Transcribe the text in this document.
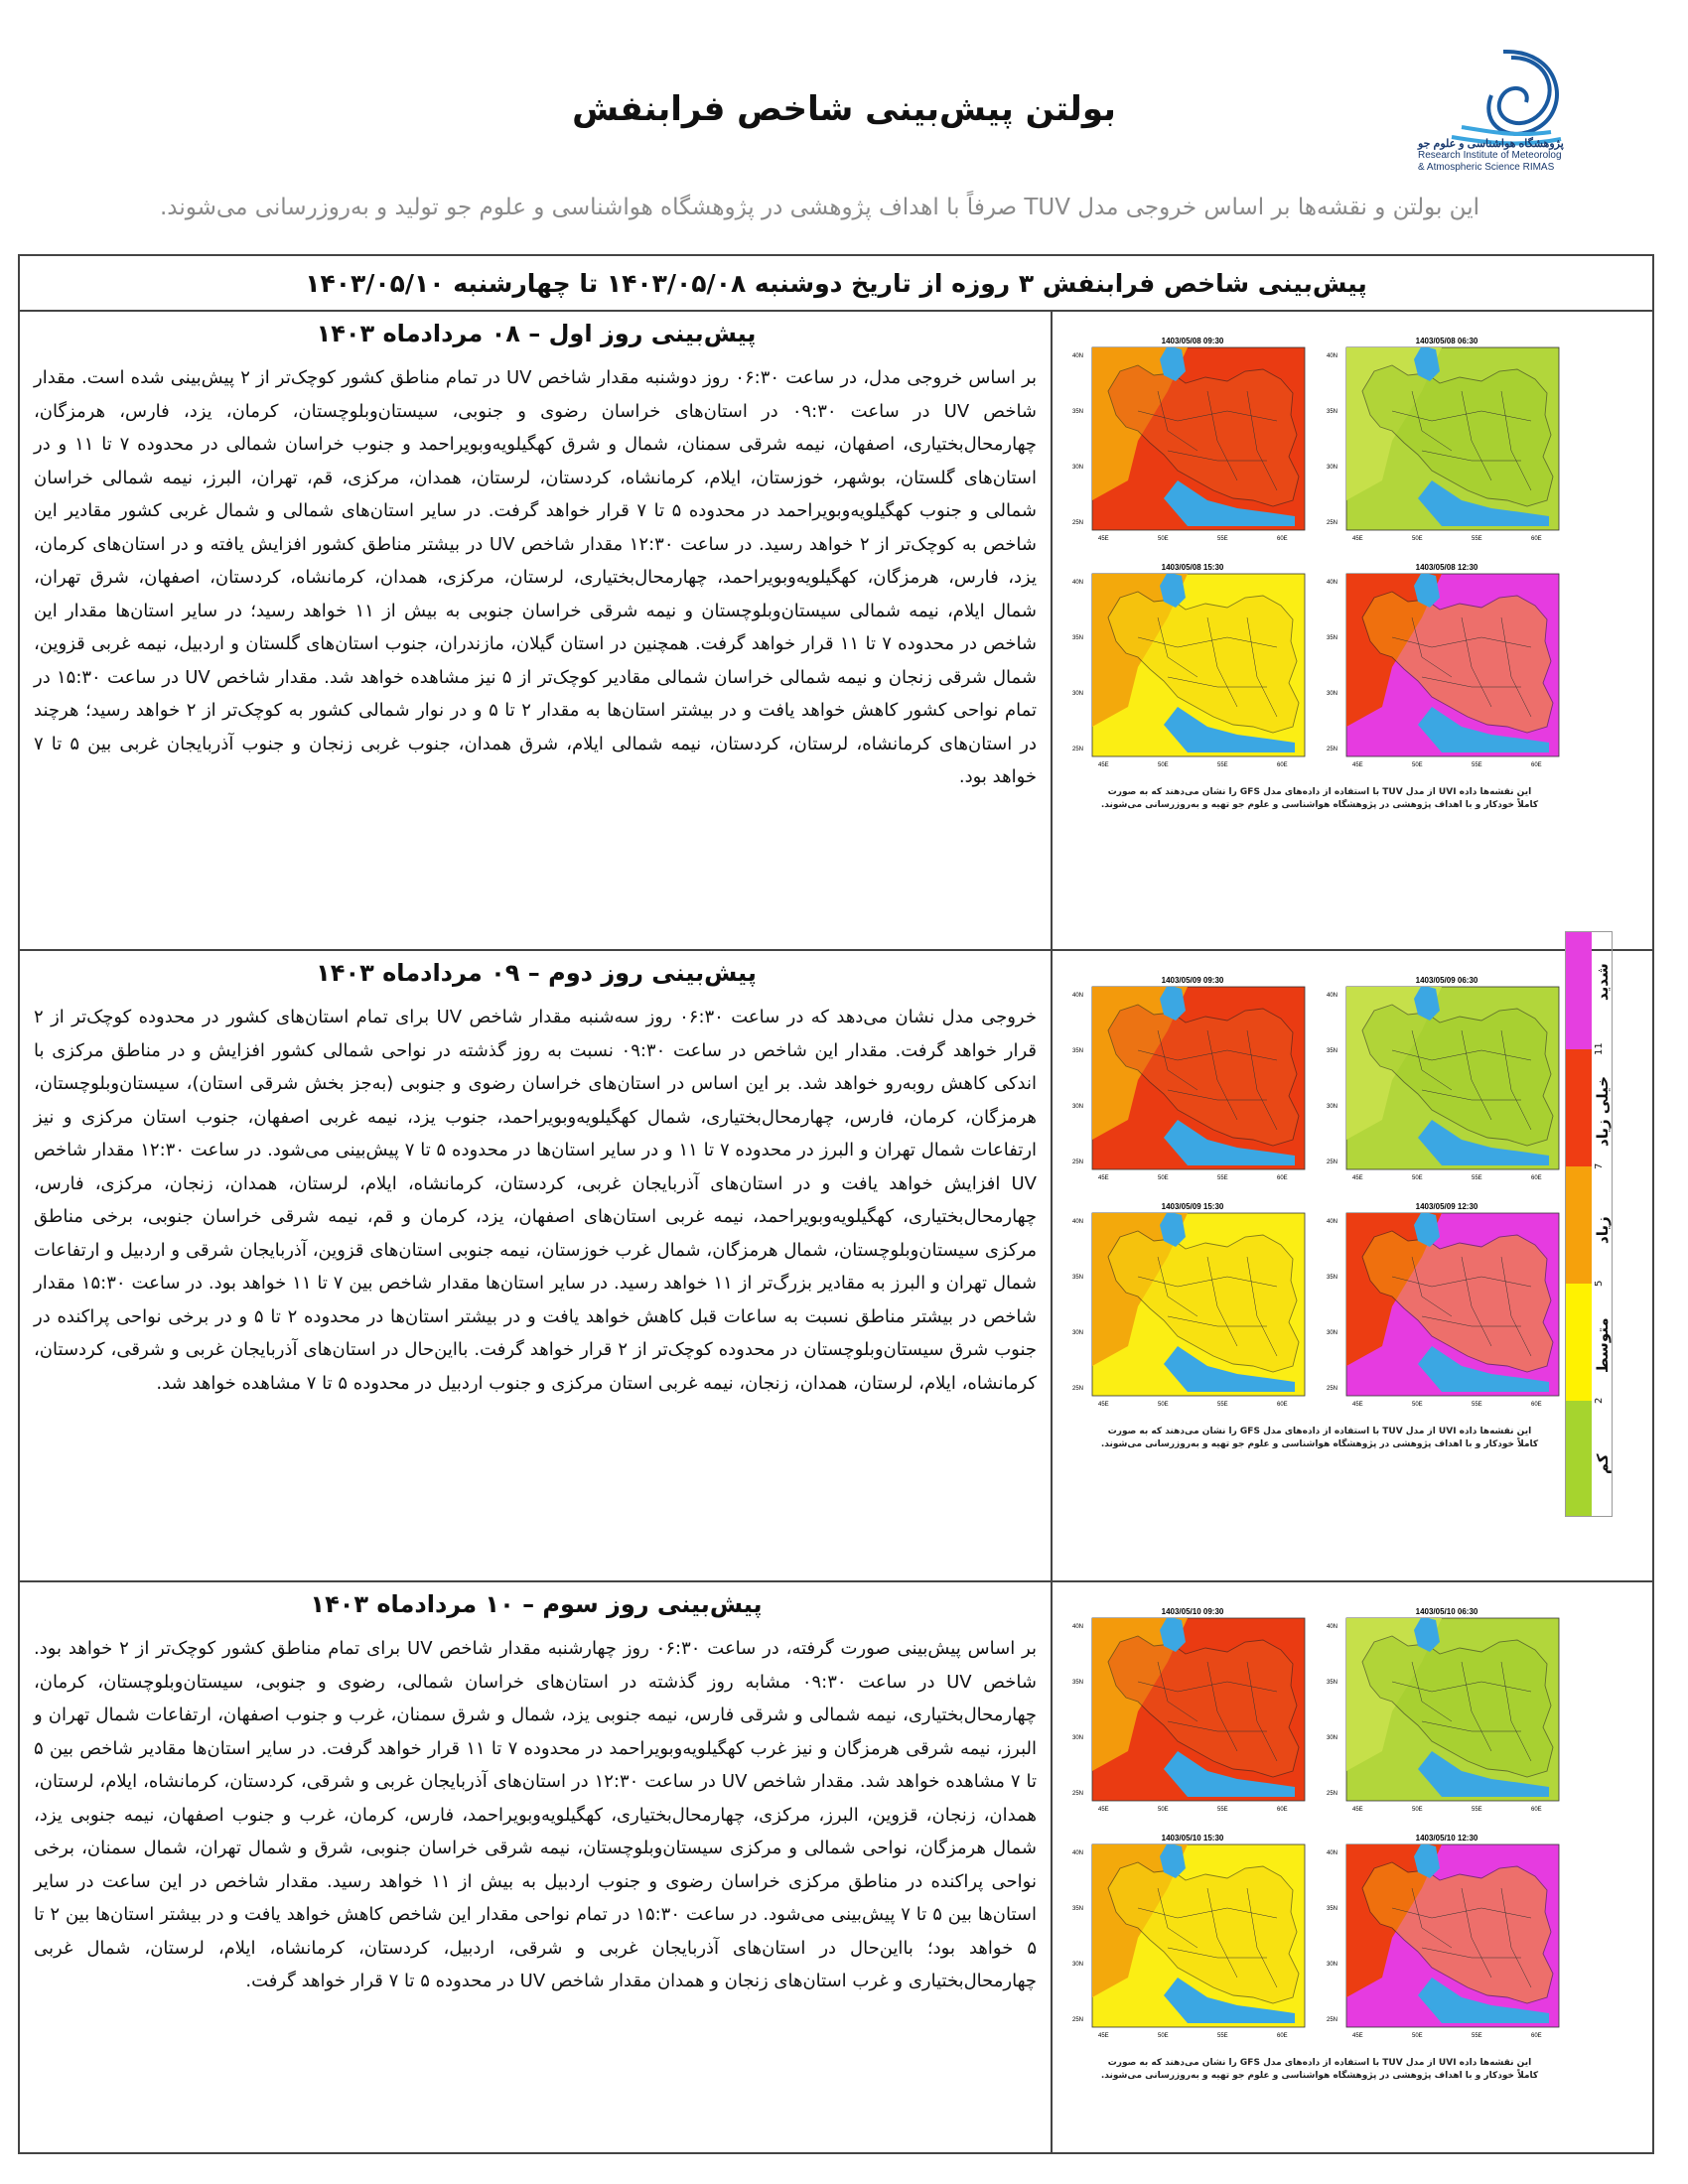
پژوهشگاه هواشناسی و علوم جو
Research Institute of Meteorolog
& Atmospheric Science RIMAS
بولتن پیش‌بینی شاخص فرابنفش
این بولتن و نقشه‌ها بر اساس خروجی مدل TUV صرفاً با اهداف پژوهشی در پژوهشگاه هواشناسی و علوم جو تولید و به‌روزرسانی می‌شوند.
پیش‌بینی شاخص فرابنفش ۳ روزه از تاریخ دوشنبه ۱۴۰۳/۰۵/۰۸ تا چهارشنبه ۱۴۰۳/۰۵/۱۰
پیش‌بینی روز اول – ۰۸ مردادماه ۱۴۰۳
بر اساس خروجی مدل، در ساعت ۰۶:۳۰ روز دوشنبه مقدار شاخص UV در تمام مناطق کشور کوچک‌تر از ۲ پیش‌بینی شده است. مقدار شاخص UV در ساعت ۰۹:۳۰ در استان‌های خراسان رضوی و جنوبی، سیستان‌وبلوچستان، کرمان، یزد، فارس، هرمزگان، چهارمحال‌بختیاری، اصفهان، نیمه شرقی سمنان، شمال و شرق کهگیلویه‌وبویراحمد و جنوب خراسان شمالی در محدوده ۷ تا ۱۱ و در استان‌های گلستان، بوشهر، خوزستان، ایلام، کرمانشاه، کردستان، لرستان، همدان، مرکزی، قم، تهران، البرز، نیمه شمالی خراسان شمالی و جنوب کهگیلویه‌وبویراحمد در محدوده ۵ تا ۷ قرار خواهد گرفت. در سایر استان‌های شمالی و شمال غربی کشور مقادیر این شاخص به کوچک‌تر از ۲ خواهد رسید. در ساعت ۱۲:۳۰ مقدار شاخص UV در بیشتر مناطق کشور افزایش یافته و در استان‌های کرمان، یزد، فارس، هرمزگان، کهگیلویه‌وبویراحمد، چهارمحال‌بختیاری، لرستان، مرکزی، همدان، کرمانشاه، کردستان، اصفهان، شرق تهران، شمال ایلام، نیمه شمالی سیستان‌وبلوچستان و نیمه شرقی خراسان جنوبی به بیش از ۱۱ خواهد رسید؛ در سایر استان‌ها مقدار این شاخص در محدوده ۷ تا ۱۱ قرار خواهد گرفت. همچنین در استان گیلان، مازندران، جنوب استان‌های گلستان و اردبیل، نیمه غربی قزوین، شمال شرقی زنجان و نیمه شمالی خراسان شمالی مقادیر کوچک‌تر از ۵ نیز مشاهده خواهد شد. مقدار شاخص UV در ساعت ۱۵:۳۰ در تمام نواحی کشور کاهش خواهد یافت و در بیشتر استان‌ها به مقدار ۲ تا ۵ و در نوار شمالی کشور به کوچک‌تر از ۲ خواهد رسید؛ هرچند در استان‌های کرمانشاه، لرستان، کردستان، نیمه شمالی ایلام، شرق همدان، جنوب غربی زنجان و جنوب آذربایجان غربی بین ۵ تا ۷ خواهد بود.
1403/05/08 06:30
40N
35N
30N
25N
45E	50E	55E	60E
1403/05/08 09:30
40N
35N
30N
25N
45E	50E	55E	60E
1403/05/08 12:30
40N
35N
30N
25N
45E	50E	55E	60E
1403/05/08 15:30
40N
35N
30N
25N
45E	50E	55E	60E
این نقشه‌ها داده UVI از مدل TUV با استفاده از داده‌های مدل GFS را نشان می‌دهند که به صورت
کاملاً خودکار و با اهداف پژوهشی در پژوهشگاه هواشناسی و علوم جو تهیه و به‌روزرسانی می‌شوند.
پیش‌بینی روز دوم – ۰۹ مردادماه ۱۴۰۳
خروجی مدل نشان می‌دهد که در ساعت ۰۶:۳۰ روز سه‌شنبه مقدار شاخص UV برای تمام استان‌های کشور در محدوده کوچک‌تر از ۲ قرار خواهد گرفت. مقدار این شاخص در ساعت ۰۹:۳۰ نسبت به روز گذشته در نواحی شمالی کشور افزایش و در مناطق مرکزی با اندکی کاهش روبه‌رو خواهد شد. بر این اساس در استان‌های خراسان رضوی و جنوبی (به‌جز بخش شرقی استان)، سیستان‌وبلوچستان، هرمزگان، کرمان، فارس، چهارمحال‌بختیاری، شمال کهگیلویه‌وبویراحمد، جنوب یزد، نیمه غربی اصفهان، جنوب استان مرکزی و نیز ارتفاعات شمال تهران و البرز در محدوده ۷ تا ۱۱ و در سایر استان‌ها در محدوده ۵ تا ۷ پیش‌بینی می‌شود. در ساعت ۱۲:۳۰ مقدار شاخص UV افزایش خواهد یافت و در استان‌های آذربایجان غربی، کردستان، کرمانشاه، ایلام، لرستان، همدان، زنجان، مرکزی، فارس، چهارمحال‌بختیاری، کهگیلویه‌وبویراحمد، نیمه غربی استان‌های اصفهان، یزد، کرمان و قم، نیمه شرقی خراسان جنوبی، برخی مناطق مرکزی سیستان‌وبلوچستان، شمال هرمزگان، شمال غرب خوزستان، نیمه جنوبی استان‌های قزوین، آذربایجان شرقی و اردبیل و ارتفاعات شمال تهران و البرز به مقادیر بزرگ‌تر از ۱۱ خواهد رسید. در سایر استان‌ها مقدار شاخص بین ۷ تا ۱۱ خواهد بود. در ساعت ۱۵:۳۰ مقدار شاخص در بیشتر مناطق نسبت به ساعات قبل کاهش خواهد یافت و در بیشتر استان‌ها در محدوده ۲ تا ۵ و در برخی نواحی پراکنده در جنوب شرق سیستان‌وبلوچستان در محدوده کوچک‌تر از ۲ قرار خواهد گرفت. بااین‌حال در استان‌های آذربایجان غربی و شرقی، کردستان، کرمانشاه، ایلام، لرستان، همدان، زنجان، نیمه غربی استان مرکزی و جنوب اردبیل در محدوده ۵ تا ۷ مشاهده خواهد شد.
1403/05/09 06:30
40N
35N
30N
25N
45E	50E	55E	60E
1403/05/09 09:30
40N
35N
30N
25N
45E	50E	55E	60E
1403/05/09 12:30
40N
35N
30N
25N
45E	50E	55E	60E
1403/05/09 15:30
40N
35N
30N
25N
45E	50E	55E	60E
این نقشه‌ها داده UVI از مدل TUV با استفاده از داده‌های مدل GFS را نشان می‌دهند که به صورت
کاملاً خودکار و با اهداف پژوهشی در پژوهشگاه هواشناسی و علوم جو تهیه و به‌روزرسانی می‌شوند.
پیش‌بینی روز سوم – ۱۰ مردادماه ۱۴۰۳
بر اساس پیش‌بینی صورت گرفته، در ساعت ۰۶:۳۰ روز چهارشنبه مقدار شاخص UV برای تمام مناطق کشور کوچک‌تر از ۲ خواهد بود. شاخص UV در ساعت ۰۹:۳۰ مشابه روز گذشته در استان‌های خراسان شمالی، رضوی و جنوبی، سیستان‌وبلوچستان، کرمان، چهارمحال‌بختیاری، نیمه شمالی و شرقی فارس، نیمه جنوبی یزد، شمال و شرق سمنان، غرب و جنوب اصفهان، ارتفاعات شمال تهران و البرز، نیمه شرقی هرمزگان و نیز غرب کهگیلویه‌وبویراحمد در محدوده ۷ تا ۱۱ قرار خواهد گرفت. در سایر استان‌ها مقادیر شاخص بین ۵ تا ۷ مشاهده خواهد شد. مقدار شاخص UV در ساعت ۱۲:۳۰ در استان‌های آذربایجان غربی و شرقی، کردستان، کرمانشاه، ایلام، لرستان، همدان، زنجان، قزوین، البرز، مرکزی، چهارمحال‌بختیاری، کهگیلویه‌وبویراحمد، فارس، کرمان، غرب و جنوب اصفهان، نیمه جنوبی یزد، شمال هرمزگان، نواحی شمالی و مرکزی سیستان‌وبلوچستان، نیمه شرقی خراسان جنوبی، شرق و شمال تهران، شمال سمنان، برخی نواحی پراکنده در مناطق مرکزی خراسان رضوی و جنوب اردبیل به بیش از ۱۱ خواهد رسید. مقدار شاخص در این ساعت در سایر استان‌ها بین ۵ تا ۷ پیش‌بینی می‌شود. در ساعت ۱۵:۳۰ در تمام نواحی مقدار این شاخص کاهش خواهد یافت و در بیشتر استان‌ها بین ۲ تا ۵ خواهد بود؛ بااین‌حال در استان‌های آذربایجان غربی و شرقی، اردبیل، کردستان، کرمانشاه، ایلام، لرستان، شمال غربی چهارمحال‌بختیاری و غرب استان‌های زنجان و همدان مقدار شاخص UV در محدوده ۵ تا ۷ قرار خواهد گرفت.
1403/05/10 06:30
40N
35N
30N
25N
45E	50E	55E	60E
1403/05/10 09:30
40N
35N
30N
25N
45E	50E	55E	60E
1403/05/10 12:30
40N
35N
30N
25N
45E	50E	55E	60E
1403/05/10 15:30
40N
35N
30N
25N
45E	50E	55E	60E
این نقشه‌ها داده UVI از مدل TUV با استفاده از داده‌های مدل GFS را نشان می‌دهند که به صورت
کاملاً خودکار و با اهداف پژوهشی در پژوهشگاه هواشناسی و علوم جو تهیه و به‌روزرسانی می‌شوند.
شدید
11
خیلی زیاد
7
زیاد
5
متوسط
2
کم
